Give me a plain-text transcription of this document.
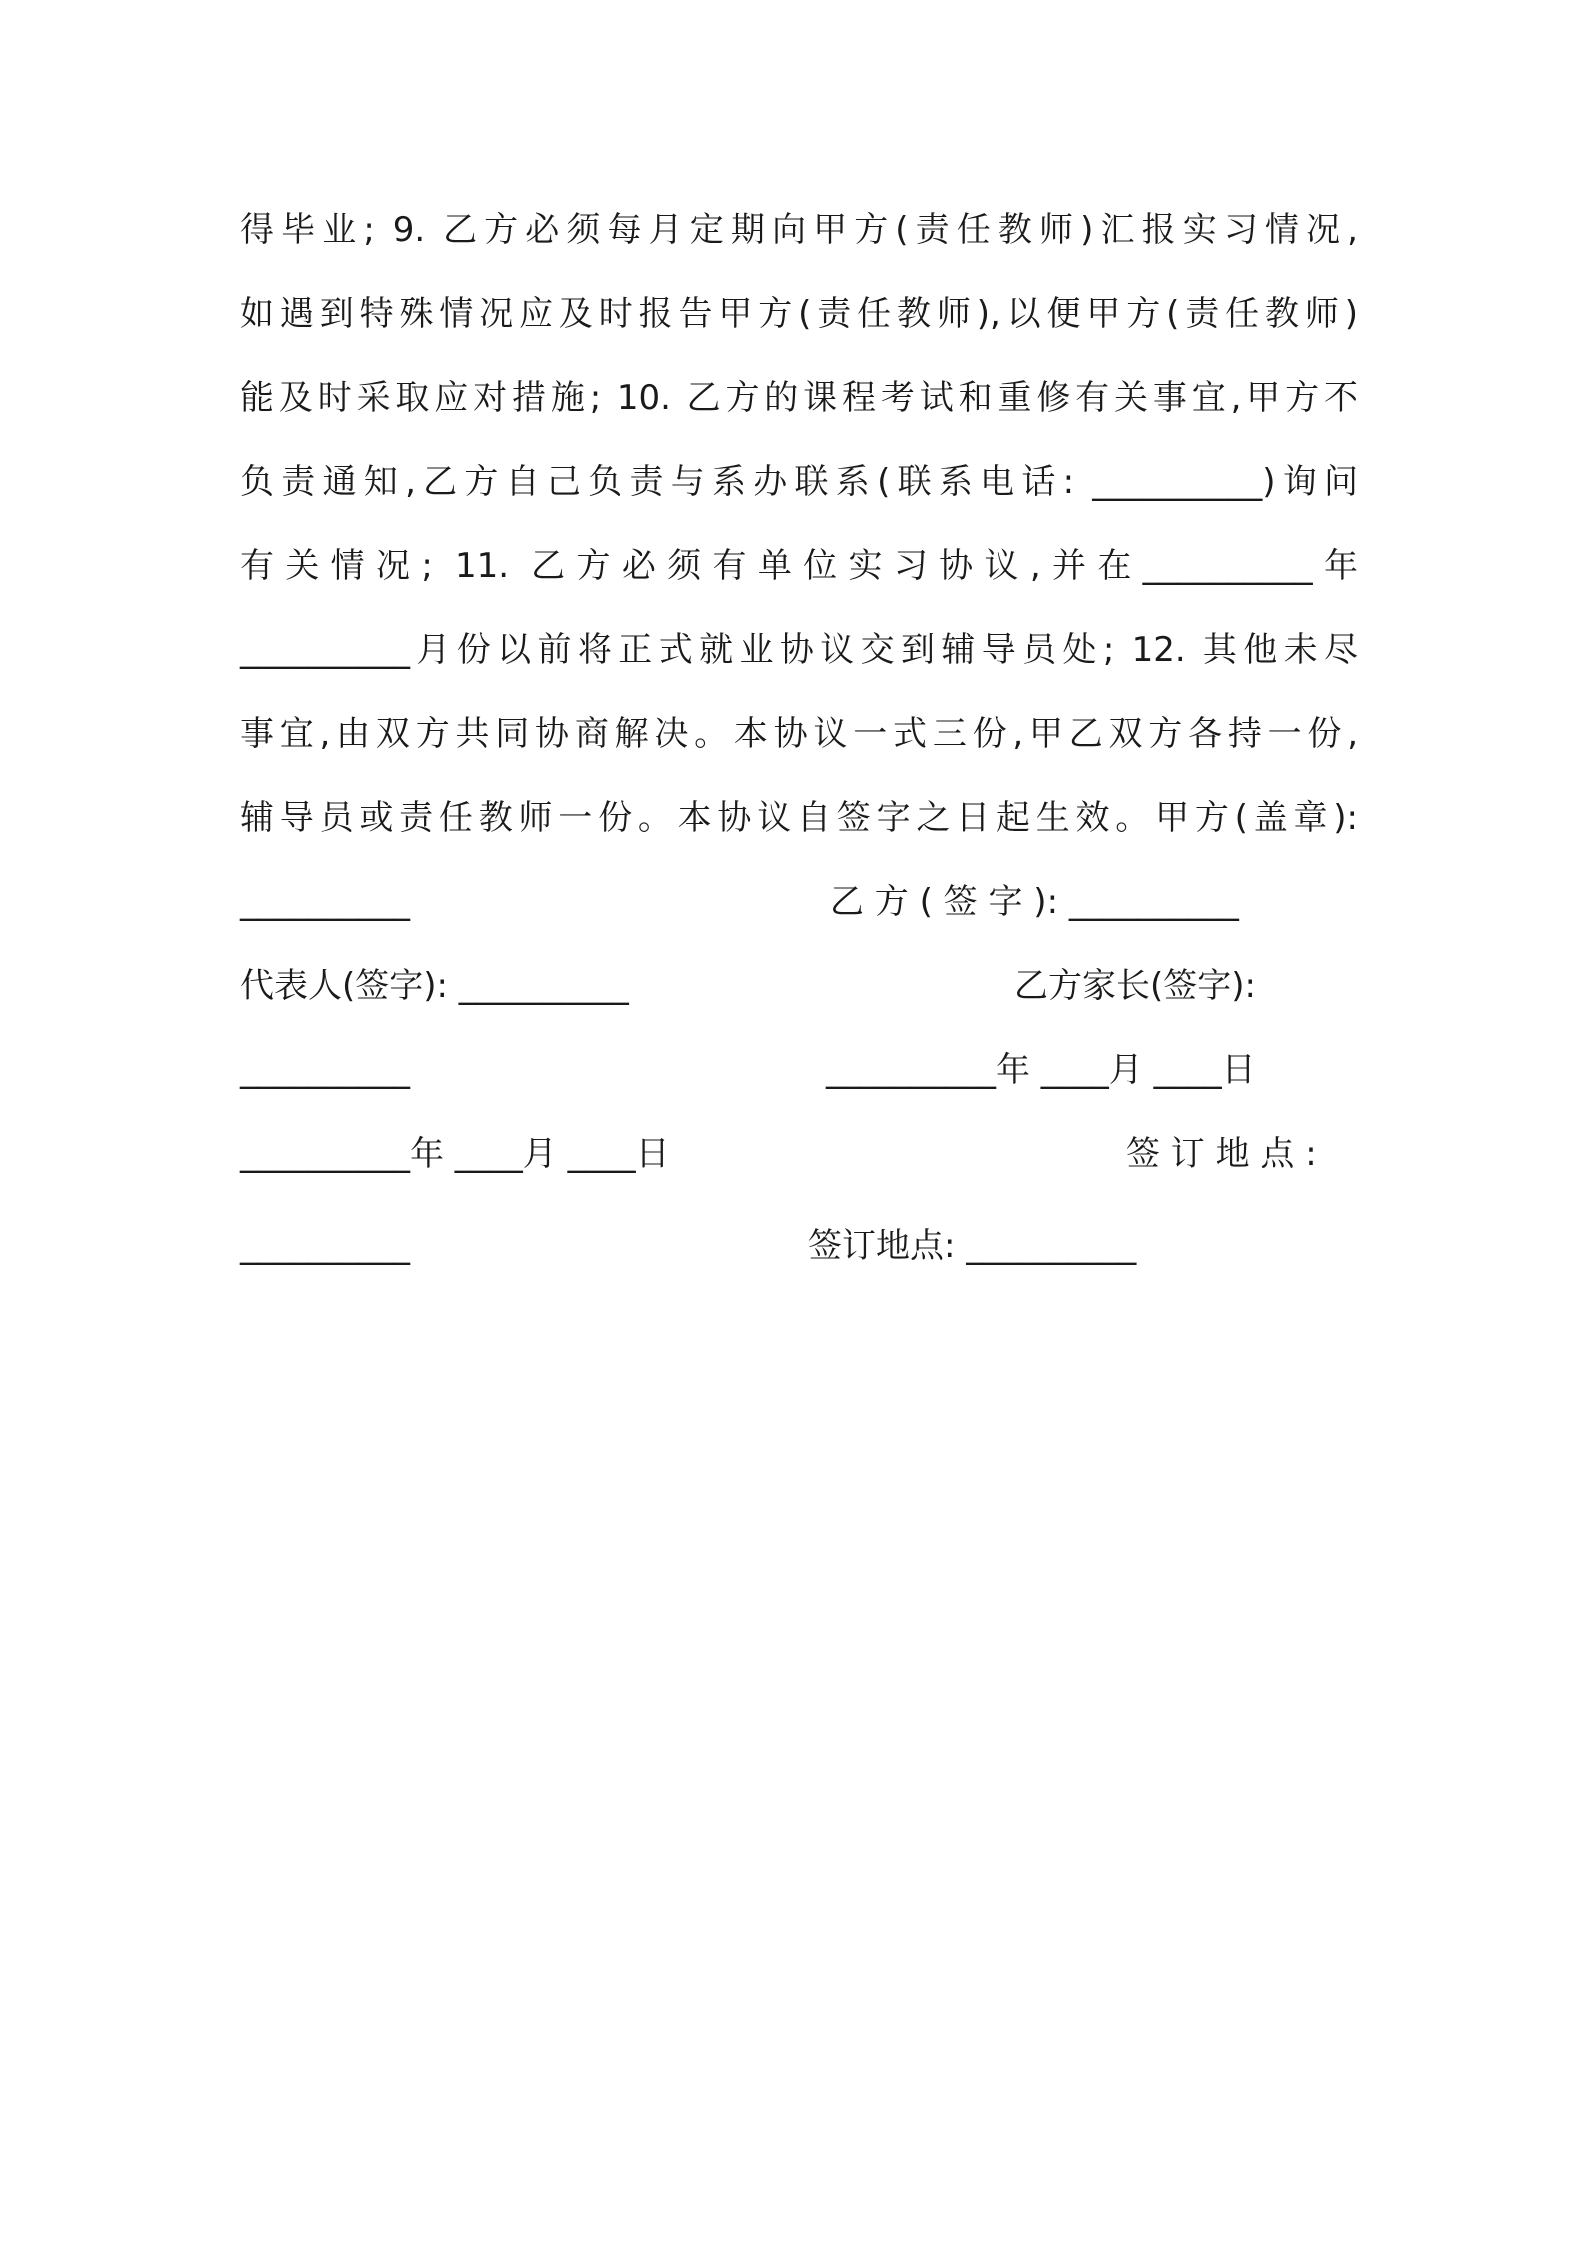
得毕业; 9. 乙方必须每月定期向甲方(责任教师)汇报实习情况,
如遇到特殊情况应及时报告甲方(责任教师),以便甲方(责任教师)
能及时采取应对措施; 10. 乙方的课程考试和重修有关事宜,甲方不
负责通知,乙方自己负责与系办联系(联系电话: __________)询问
有关情况; 11. 乙方必须有单位实习协议,并在__________年
__________月份以前将正式就业协议交到辅导员处; 12. 其他未尽
事宜,由双方共同协商解决。本协议一式三份,甲乙双方各持一份,
辅导员或责任教师一份。本协议自签字之日起生效。甲方(盖章):
__________	乙 方 ( 签 字 ): __________
代表人(签字): __________	乙方家长(签字):
__________	__________年 ____月 ____日
__________年 ____月 ____日	签 订 地 点 :
__________	签订地点: __________
